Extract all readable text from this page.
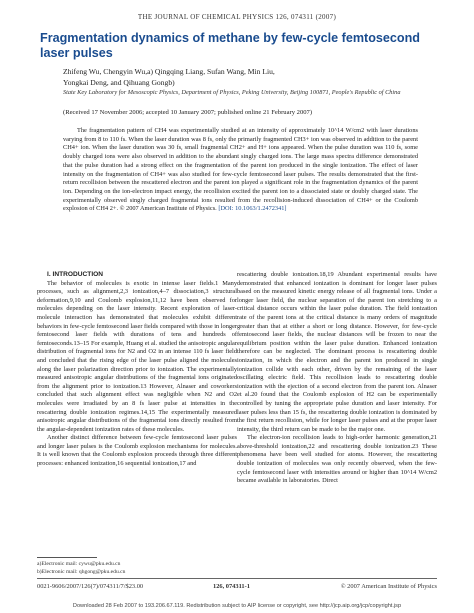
THE JOURNAL OF CHEMICAL PHYSICS 126, 074311 (2007)
Fragmentation dynamics of methane by few-cycle femtosecond laser pulses
Zhifeng Wu, Chengyin Wu,a) Qingqing Liang, Sufan Wang, Min Liu,
Yongkai Deng, and Qihuang Gongb)
State Key Laboratory for Mesoscopic Physics, Department of Physics, Peking University, Beijing 100871, People's Republic of China
(Received 17 November 2006; accepted 10 January 2007; published online 21 February 2007)

The fragmentation pattern of CH4 was experimentally studied at an intensity of approximately 10^14 W/cm2 with laser durations varying from 8 to 110 fs. When the laser duration was 8 fs, only the primarily fragmented CH3+ ion was observed in addition to the parent CH4+ ion. When the laser duration was 30 fs, small fragmental CH2+ and H+ ions appeared. When the pulse duration was 110 fs, some doubly charged ions were also observed in addition to the abundant singly charged ions. The large mass spectra difference demonstrated that the pulse duration had a strong effect on the fragmentation of the parent ion produced in the single ionization. The effect of laser intensity on the fragmentation of CH4+ was also studied for few-cycle femtosecond laser pulses. The results demonstrated that the first-return recollision between the rescattered electron and the parent ion played a significant role in the fragmentation dynamics of the parent ion. Depending on the ion-electron impact energy, the recollision excited the parent ion to a dissociated state or doubly charged state. The experimentally observed singly charged fragmental ions resulted from the recollision-induced dissociation of CH4+ or the Coulomb explosion of CH4 2+. © 2007 American Institute of Physics. [DOI: 10.1063/1.2472341]

I. INTRODUCTION

The behavior of molecules is exotic in intense laser fields.1 Many processes, such as alignment,2,3 ionization,4–7 dissociation,3 structural deformation,9,10 and Coulomb explosion,11,12 have been observed for molecules depending on the laser intensity. Recent exploration of laser-molecule interaction has demonstrated that molecules exhibit different behaviors in few-cycle femtosecond laser fields compared with those in longer femtosecond laser fields with durations of tens and hundreds of femtoseconds.13–15 For example, Huang et al. studied the anisotropic angular distribution of fragmental ions for N2 and O2 in an intense 110 fs laser field and concluded that the rising edge of the laser pulse aligned the molecules along the laser polarization direction prior to ionization. The experimentally measured anisotropic angular distributions of the fragmental ions originated from the alignment prior to ionization.13 However, Alnaser and coworkers concluded that such alignment effect was negligible when N2 and O2 molecules were irradiated by an 8 fs laser pulse at intensities in the rescattering double ionization regimes.14,15 The experimentally measured anisotropic angular distributions of the fragmental ions directly resulted from the angular-dependent ionization rates of these molecules.

Another distinct difference between few-cycle femtosecond laser pulses and longer laser pulses is the Coulomb explosion mechanisms for molecules. It is well known that the Coulomb explosion proceeds through three different processes: enhanced ionization,16 sequential ionization,17 and

rescattering double ionization.18,19 Abundant experimental results have demonstrated that enhanced ionization is dominant for longer laser pulses based on the measured kinetic energy release of all fragmental ions. Under a longer laser field, the nuclear separation of the parent ion stretching to a critical distance occurs within the laser pulse duration. The field ionization rate of the parent ions at the critical distance is many orders of magnitude greater than that at either a short or long distance. However, for few-cycle femtosecond laser fields, the nuclear distances will be frozen to near the equilibrium position within the laser pulse duration. Enhanced ionization therefore can be neglected. The dominant process is rescattering double ionization, in which the electron and the parent ion produced in single ionization collide with each other, driven by the remaining of the laser oscillating electric field. This recollision leads to rescattering double ionization with the ejection of a second electron from the parent ion. Alnaser et al.20 found that the Coulomb explosion of H2 can be experimentally controlled by tuning the appropriate pulse duration and laser intensity. For laser pulses less than 15 fs, the rescattering double ionization is dominated by the first return recollision, while for longer laser pulses and at the proper laser intensity, the third return can be made to be the major one.

The electron-ion recollision leads to high-order harmonic generation,21 above-threshold ionization,22 and rescattering double ionization.23 These phenomena have been well studied for atoms. However, the rescattering double ionization of molecules was only recently observed, when the few-cycle femtosecond laser with intensities around or higher than 10^14 W/cm2 became available in laboratories. Direct

a)Electronic mail: cywu@pku.edu.cn
b)Electronic mail: qhgong@pku.edu.cn
0021-9606/2007/126(7)/074311/7/$23.00	126, 074311-1	© 2007 American Institute of Physics
Downloaded 28 Feb 2007 to 193.206.67.119. Redistribution subject to AIP license or copyright, see http://jcp.aip.org/jcp/copyright.jsp
